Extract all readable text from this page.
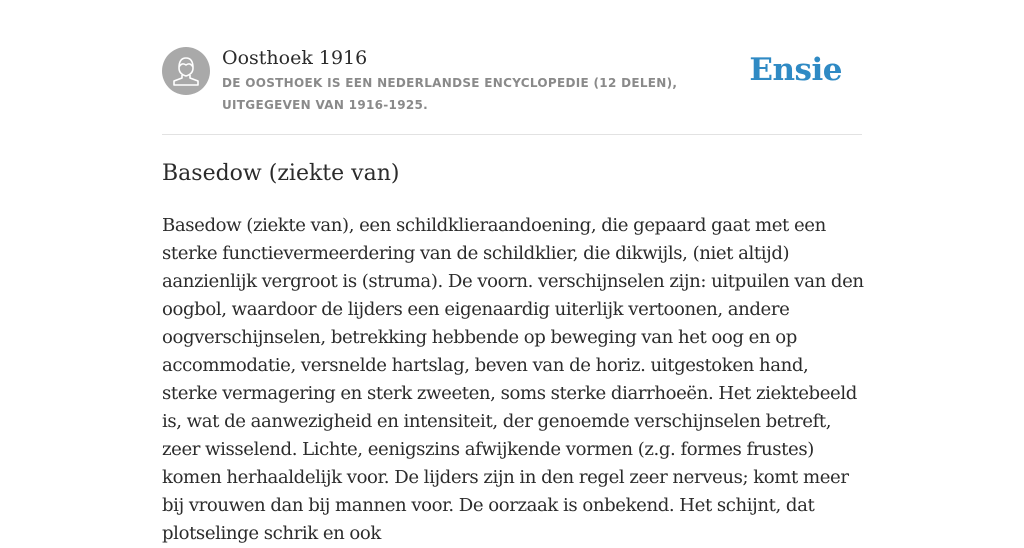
Oosthoek 1916
DE OOSTHOEK IS EEN NEDERLANDSE ENCYCLOPEDIE (12 DELEN), UITGEGEVEN VAN 1916-1925.
Ensie
Basedow (ziekte van)

Basedow (ziekte van), een schildklieraandoening, die gepaard gaat met een sterke functievermeerdering van de schildklier, die dikwijls, (niet altijd) aanzienlijk vergroot is (struma). De voorn. verschijnselen zijn: uitpuilen van den oogbol, waardoor de lijders een eigenaardig uiterlijk vertoonen, andere oogverschijnselen, betrekking hebbende op beweging van het oog en op accommodatie, versnelde hartslag, beven van de horiz. uitgestoken hand, sterke vermagering en sterk zweeten, soms sterke diarrhoeën. Het ziektebeeld is, wat de aanwezigheid en intensiteit, der genoemde verschijnselen betreft, zeer wisselend. Lichte, eenigszins afwijkende vormen (z.g. formes frustes) komen herhaaldelijk voor. De lijders zijn in den regel zeer nerveus; komt meer bij vrouwen dan bij mannen voor. De oorzaak is onbekend. Het schijnt, dat plotselinge schrik en ook
